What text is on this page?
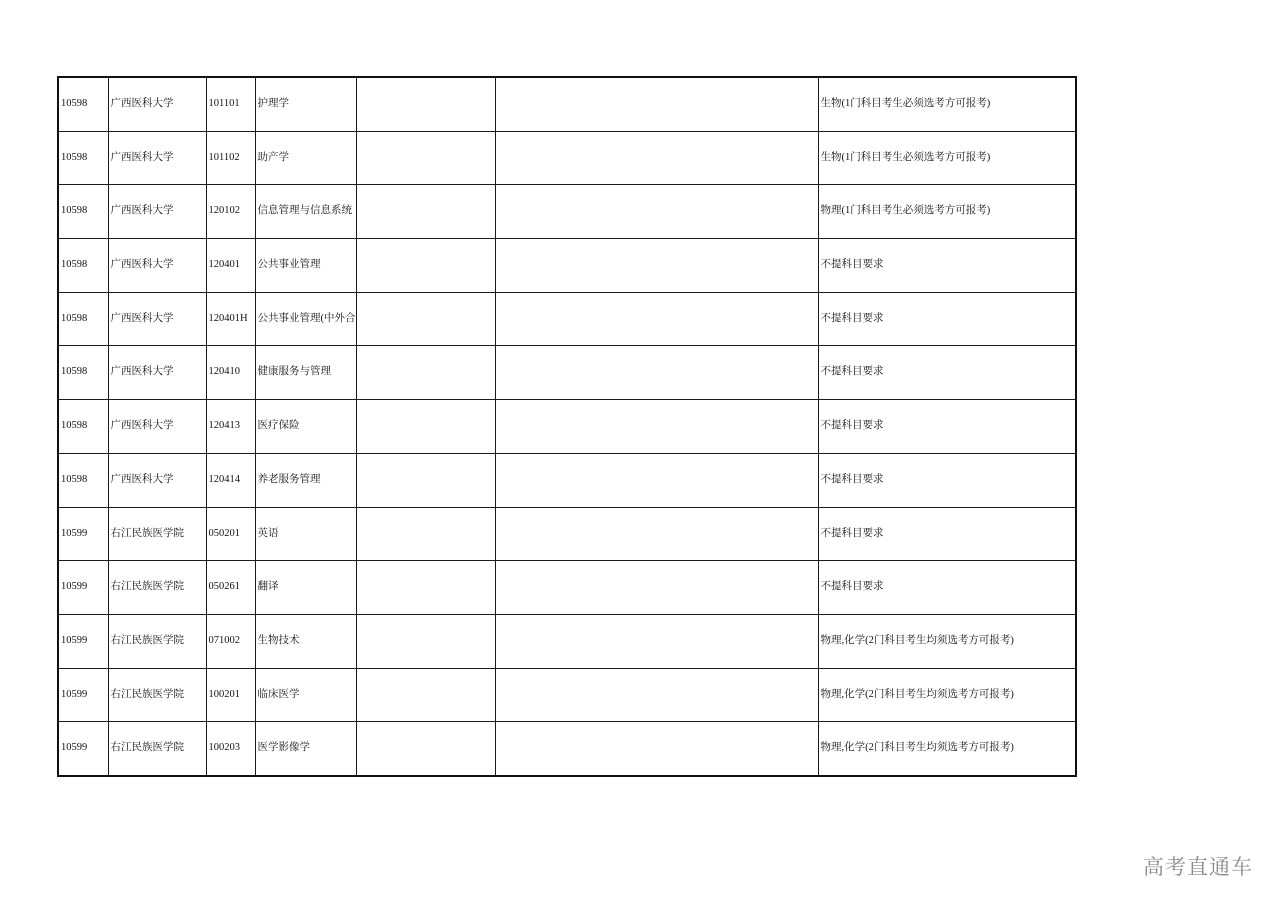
10598	广西医科大学	101101	护理学			生物(1门科目考生必须选考方可报考)
10598	广西医科大学	101102	助产学			生物(1门科目考生必须选考方可报考)
10598	广西医科大学	120102	信息管理与信息系统			物理(1门科目考生必须选考方可报考)
10598	广西医科大学	120401	公共事业管理			不提科目要求
10598	广西医科大学	120401H	公共事业管理(中外合			不提科目要求
10598	广西医科大学	120410	健康服务与管理			不提科目要求
10598	广西医科大学	120413	医疗保险			不提科目要求
10598	广西医科大学	120414	养老服务管理			不提科目要求
10599	右江民族医学院	050201	英语			不提科目要求
10599	右江民族医学院	050261	翻译			不提科目要求
10599	右江民族医学院	071002	生物技术			物理,化学(2门科目考生均须选考方可报考)
10599	右江民族医学院	100201	临床医学			物理,化学(2门科目考生均须选考方可报考)
10599	右江民族医学院	100203	医学影像学			物理,化学(2门科目考生均须选考方可报考)
高考直通车
